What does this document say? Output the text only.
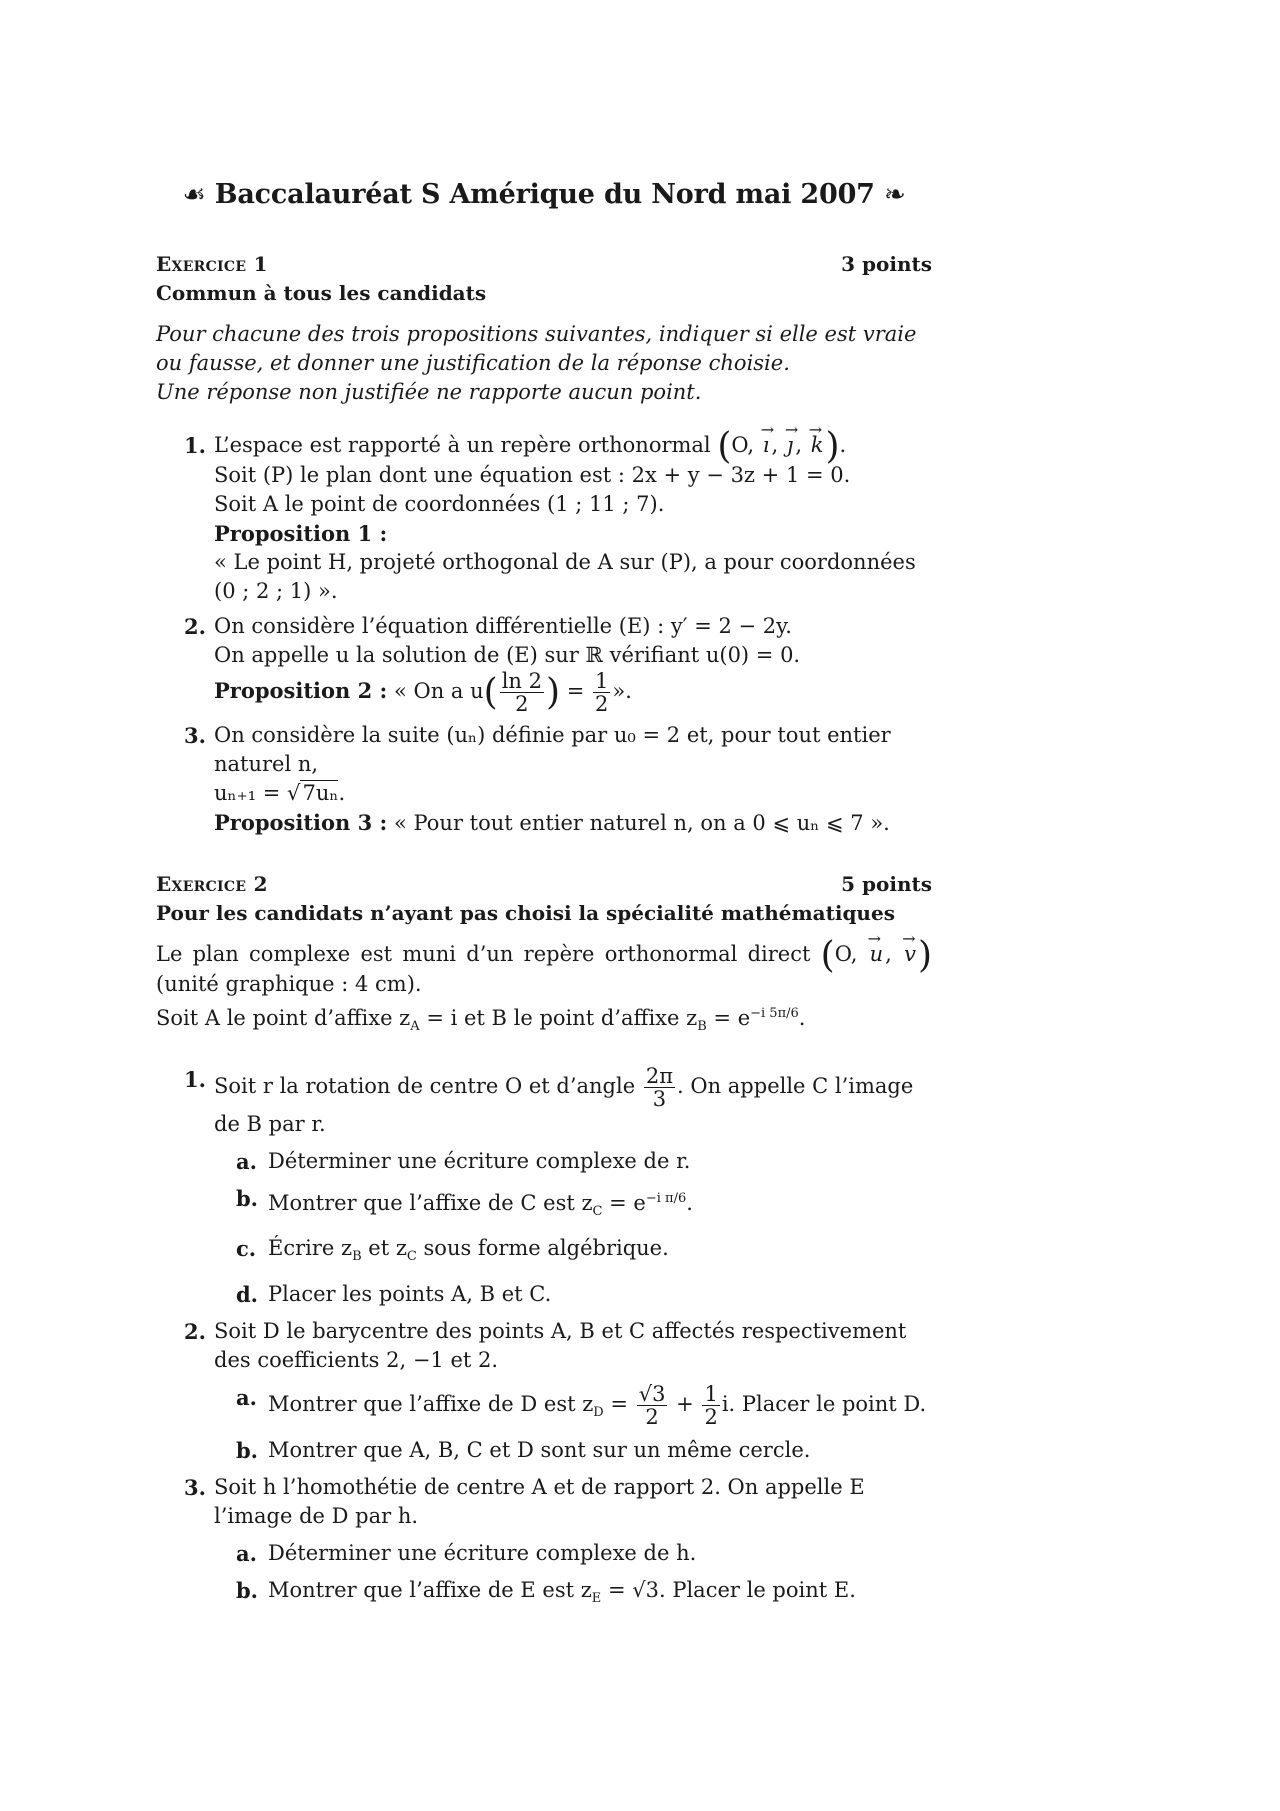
☙ Baccalauréat S Amérique du Nord mai 2007 ❧
Exercice 1	3 points
Commun à tous les candidats
Pour chacune des trois propositions suivantes, indiquer si elle est vraie ou fausse, et donner une justification de la réponse choisie.
Une réponse non justifiée ne rapporte aucun point.
1. L’espace est rapporté à un repère orthonormal (O, → ı, → ȷ, → k).
Soit (P) le plan dont une équation est : 2x + y − 3z + 1 = 0.
Soit A le point de coordonnées (1 ; 11 ; 7).
Proposition 1 :
« Le point H, projeté orthogonal de A sur (P), a pour coordonnées (0 ; 2 ; 1) ».
2. On considère l’équation différentielle (E) : y′ = 2 − 2y.
On appelle u la solution de (E) sur ℝ vérifiant u(0) = 0.
Proposition 2 : « On a $u( \frac{\ln 2}{2}$ ) = $\frac{1}{2}$ ».
3. On considère la suite (uₙ) définie par u₀ = 2 et, pour tout entier naturel n,
uₙ₊₁ = √7uₙ.
Proposition 3 : « Pour tout entier naturel n, on a 0 ⩽ uₙ ⩽ 7 ».
Exercice 2	5 points
Pour les candidats n’ayant pas choisi la spécialité mathématiques
Le plan complexe est muni d’un repère orthonormal direct (O, → u, → v) (unité graphique : 4 cm).
Soit A le point d’affixe $z_A = i$ et B le point d’affixe $z_B = e^{-i 5\pi/6}$.
1. Soit r la rotation de centre O et d’angle $\frac{2\pi}{3}$ . On appelle C l’image de B par r.
a. Déterminer une écriture complexe de r.
b. Montrer que l’affixe de C est $z_C = e^{-i \pi/6}$.
c. Écrire $z_B$ et $z_C$ sous forme algébrique.
d. Placer les points A, B et C.
2. Soit D le barycentre des points A, B et C affectés respectivement des coefficients 2, −1 et 2.
a. Montrer que l’affixe de D est $z_D = \frac{√3}{2} + \frac{1}{2} i$. Placer le point D.
b. Montrer que A, B, C et D sont sur un même cercle.
3. Soit h l’homothétie de centre A et de rapport 2. On appelle E l’image de D par h.
a. Déterminer une écriture complexe de h.
b. Montrer que l’affixe de E est $z_E = √3$. Placer le point E.
